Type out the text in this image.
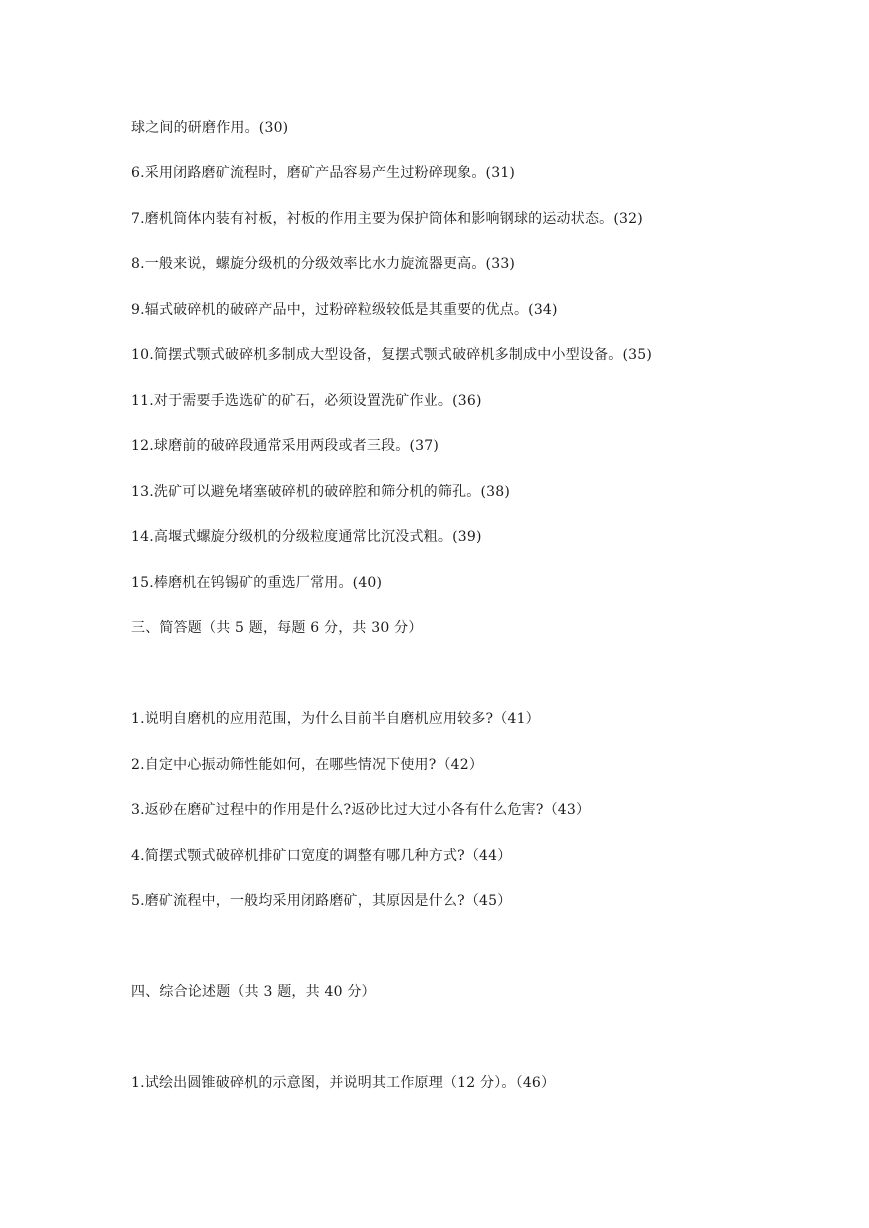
球之间的研磨作用。(30)
6.采用闭路磨矿流程时，磨矿产品容易产生过粉碎现象。(31)
7.磨机筒体内装有衬板，衬板的作用主要为保护筒体和影响钢球的运动状态。(32)
8.一般来说，螺旋分级机的分级效率比水力旋流器更高。(33)
9.辐式破碎机的破碎产品中，过粉碎粒级较低是其重要的优点。(34)
10.简摆式颚式破碎机多制成大型设备，复摆式颚式破碎机多制成中小型设备。(35)
11.对于需要手选选矿的矿石，必须设置洗矿作业。(36)
12.球磨前的破碎段通常采用两段或者三段。(37)
13.洗矿可以避免堵塞破碎机的破碎腔和筛分机的筛孔。(38)
14.高堰式螺旋分级机的分级粒度通常比沉没式粗。(39)
15.棒磨机在钨锡矿的重选厂常用。(40)
三、简答题（共 5 题，每题 6 分，共 30 分）
1.说明自磨机的应用范围，为什么目前半自磨机应用较多?（41）
2.自定中心振动筛性能如何，在哪些情况下使用?（42）
3.返砂在磨矿过程中的作用是什么?返砂比过大过小各有什么危害?（43）
4.简摆式颚式破碎机排矿口宽度的调整有哪几种方式?（44）
5.磨矿流程中，一般均采用闭路磨矿，其原因是什么?（45）
四、综合论述题（共 3 题，共 40 分）
1.试绘出圆锥破碎机的示意图，并说明其工作原理（12 分）。（46）
